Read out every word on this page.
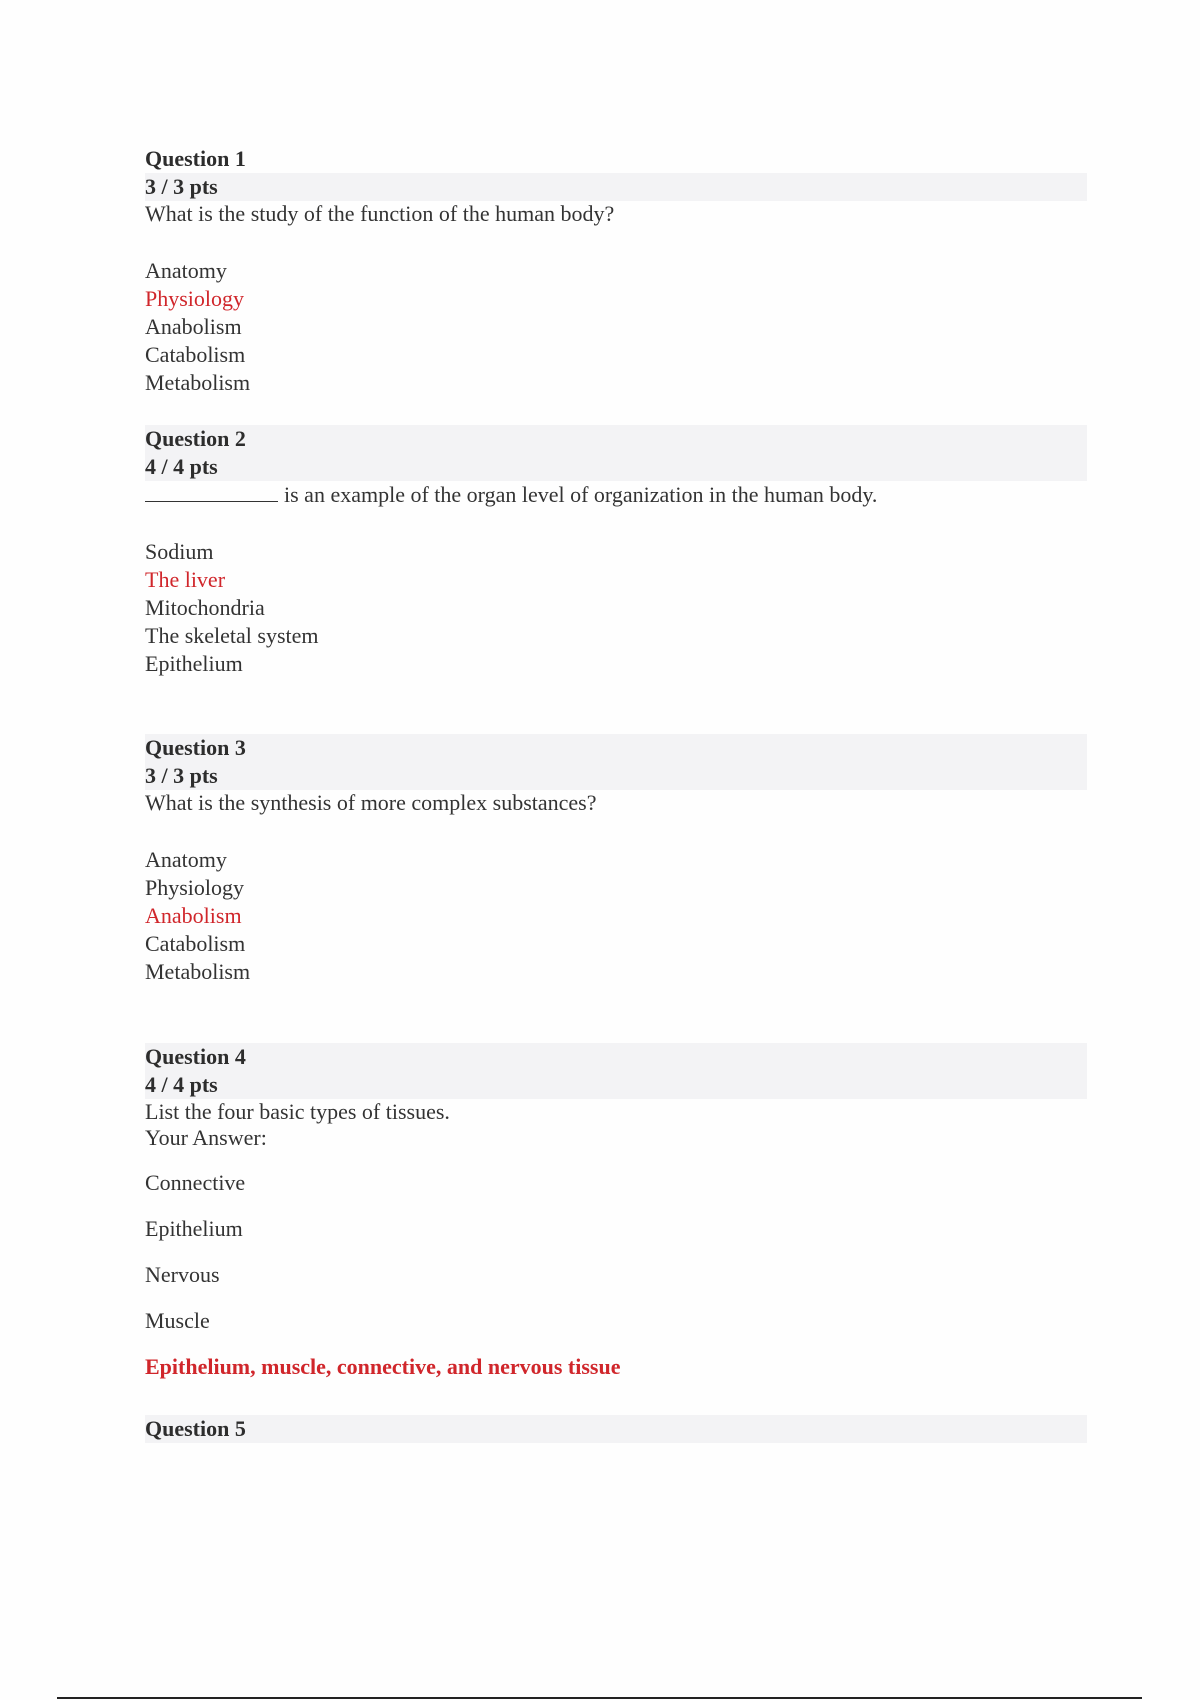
Question 1
3 / 3 pts
What is the study of the function of the human body?
Anatomy
Physiology
Anabolism
Catabolism
Metabolism
Question 2
4 / 4 pts
is an example of the organ level of organization in the human body.
Sodium
The liver
Mitochondria
The skeletal system
Epithelium
Question 3
3 / 3 pts
What is the synthesis of more complex substances?
Anatomy
Physiology
Anabolism
Catabolism
Metabolism
Question 4
4 / 4 pts
List the four basic types of tissues.
Your Answer:
Connective
Epithelium
Nervous
Muscle
Epithelium, muscle, connective, and nervous tissue
Question 5
